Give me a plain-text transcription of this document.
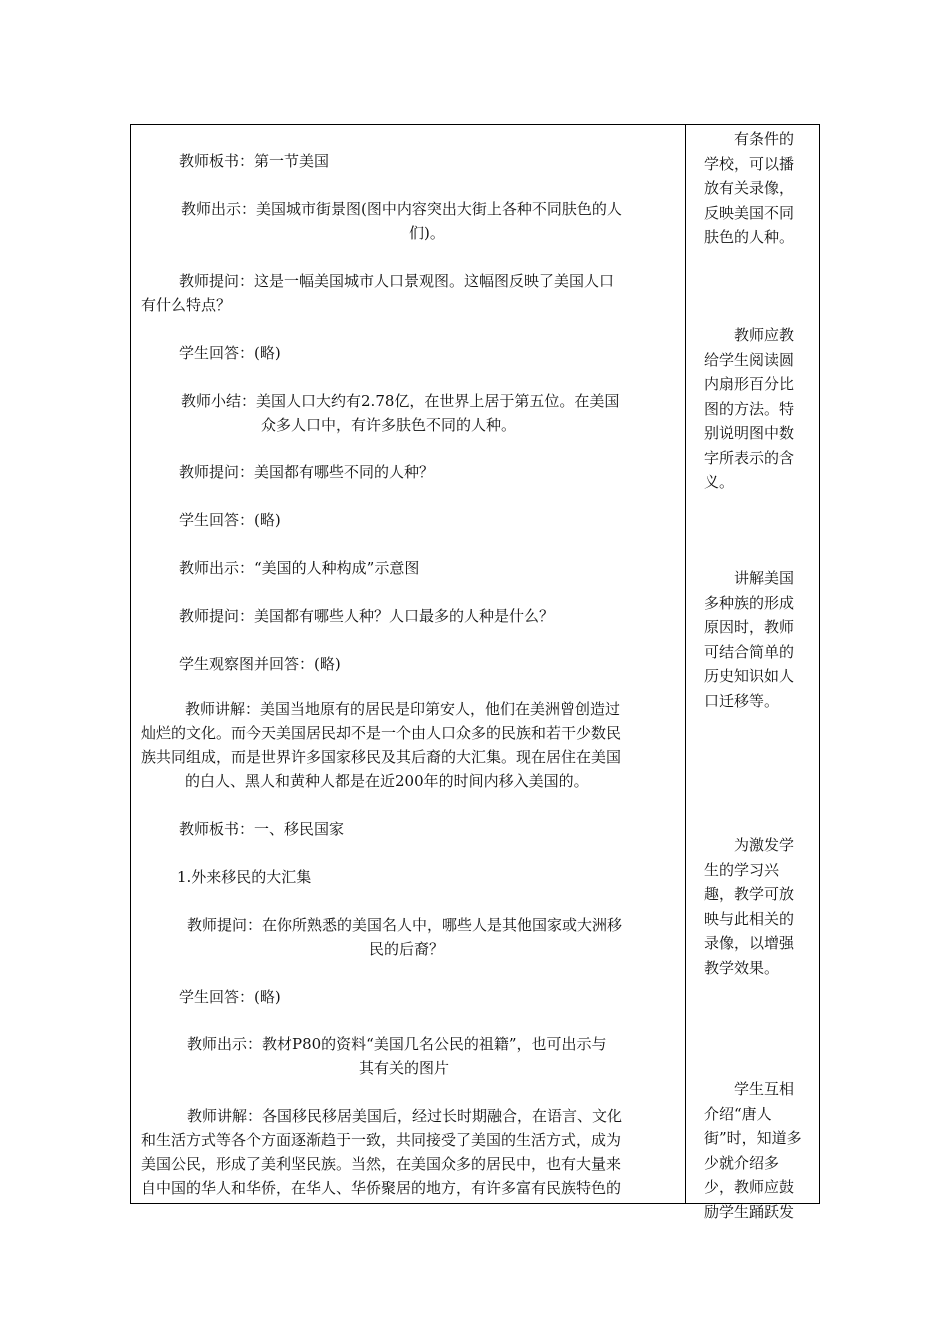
教师板书：第一节美国
教师出示：美国城市街景图(图中内容突出大街上各种不同肤色的人
们)。
教师提问：这是一幅美国城市人口景观图。这幅图反映了美国人口
有什么特点？
学生回答：(略)
教师小结：美国人口大约有2.78亿，在世界上居于第五位。在美国
众多人口中，有许多肤色不同的人种。
教师提问：美国都有哪些不同的人种？
学生回答：(略)
教师出示：“美国的人种构成”示意图
教师提问：美国都有哪些人种？人口最多的人种是什么？
学生观察图并回答：(略)
教师讲解：美国当地原有的居民是印第安人，他们在美洲曾创造过
灿烂的文化。而今天美国居民却不是一个由人口众多的民族和若干少数民
族共同组成，而是世界许多国家移民及其后裔的大汇集。现在居住在美国
的白人、黑人和黄种人都是在近200年的时间内移入美国的。
教师板书：一、移民国家
1.外来移民的大汇集
教师提问：在你所熟悉的美国名人中，哪些人是其他国家或大洲移
民的后裔？
学生回答：(略)
教师出示：教材P80的资料“美国几名公民的祖籍”，也可出示与
其有关的图片
教师讲解：各国移民移居美国后，经过长时期融合，在语言、文化
和生活方式等各个方面逐渐趋于一致，共同接受了美国的生活方式，成为
美国公民，形成了美利坚民族。当然，在美国众多的居民中，也有大量来
自中国的华人和华侨，在华人、华侨聚居的地方，有许多富有民族特色的
有条件的学校，可以播放有关录像，反映美国不同肤色的人种。
教师应教给学生阅读圆内扇形百分比图的方法。特别说明图中数字所表示的含义。
讲解美国多种族的形成原因时，教师可结合简单的历史知识如人口迁移等。
为激发学生的学习兴趣，教学可放映与此相关的录像，以增强教学效果。
学生互相介绍“唐人街”时，知道多少就介绍多少，教师应鼓励学生踊跃发
